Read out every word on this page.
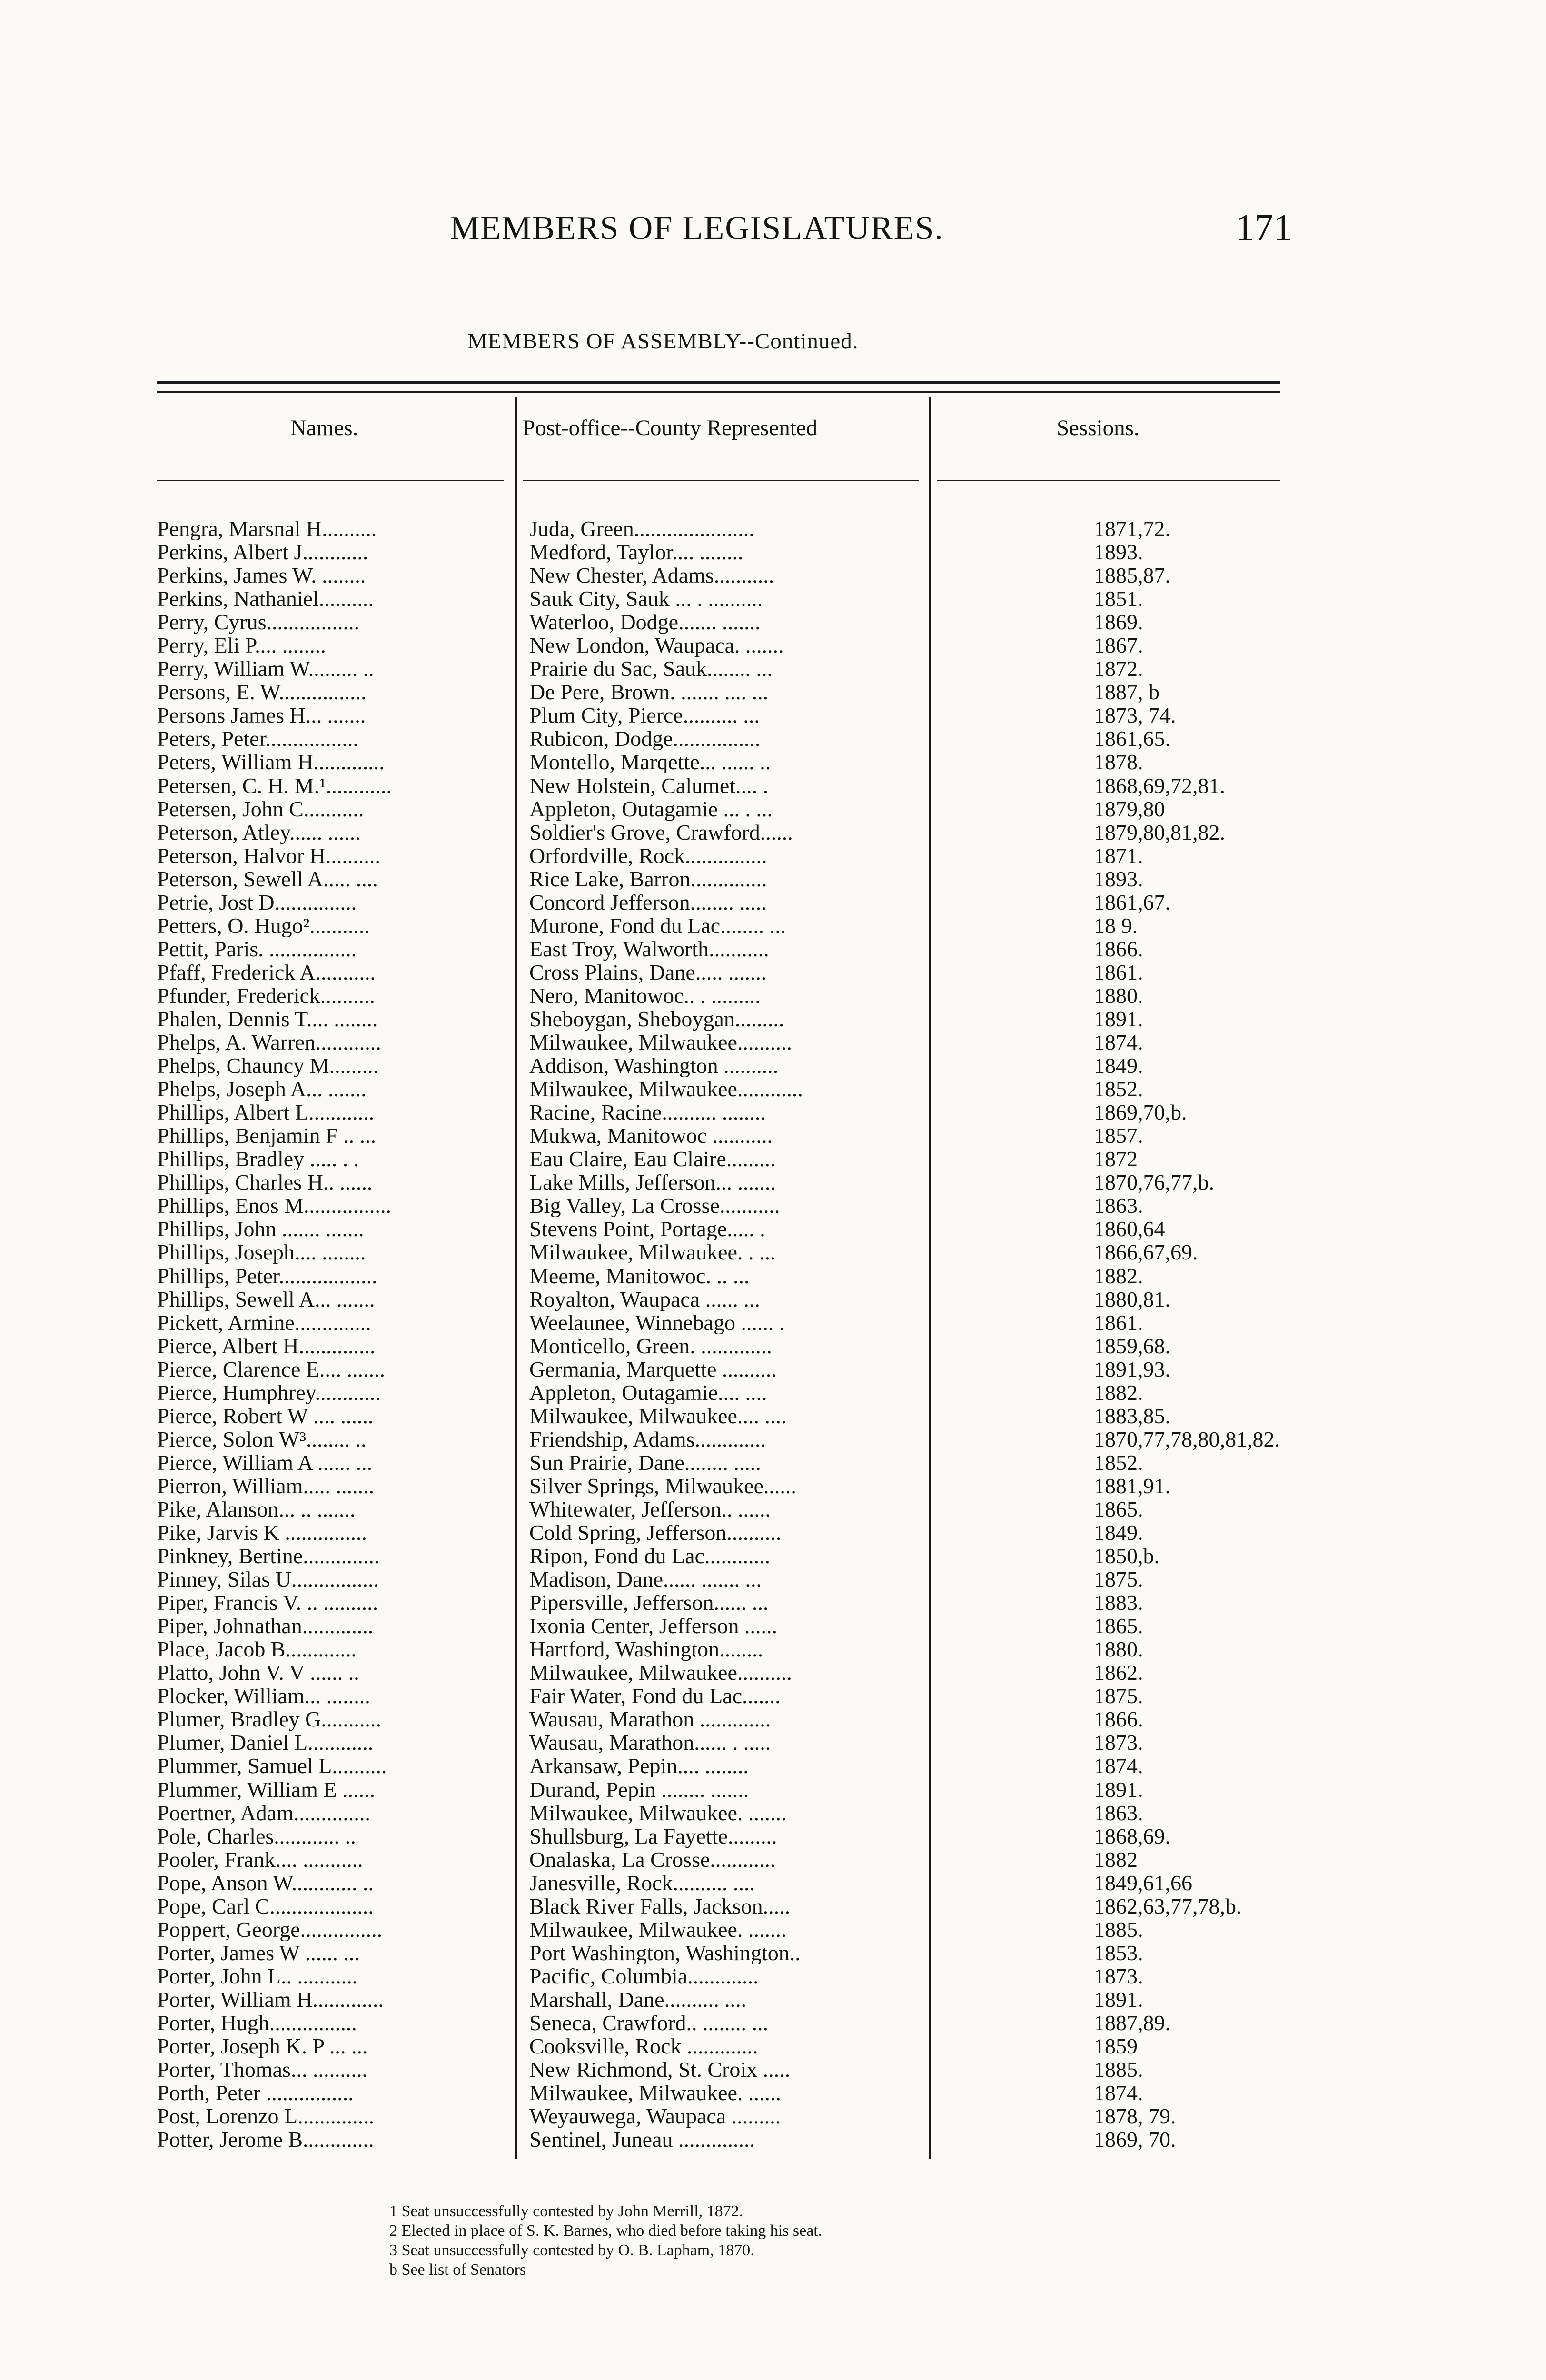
MEMBERS OF LEGISLATURES.	171
MEMBERS OF ASSEMBLY--Continued.
Names.	Post-office--County Represented	Sessions.
Pengra, Marsnal H..........	Juda, Green......................	1871,72.
Perkins, Albert J............	Medford, Taylor.... ........	1893.
Perkins, James W. ........	New Chester, Adams...........	1885,87.
Perkins, Nathaniel..........	Sauk City, Sauk ... . ..........	1851.
Perry, Cyrus.................	Waterloo, Dodge....... .......	1869.
Perry, Eli P.... ........	New London, Waupaca. .......	1867.
Perry, William W......... ..	Prairie du Sac, Sauk........ ...	1872.
Persons, E. W................	De Pere, Brown. ....... .... ...	1887, b
Persons James H... .......	Plum City, Pierce.......... ...	1873, 74.
Peters, Peter.................	Rubicon, Dodge................	1861,65.
Peters, William H.............	Montello, Marqette... ...... ..	1878.
Petersen, C. H. M.¹............	New Holstein, Calumet.... .	1868,69,72,81.
Petersen, John C...........	Appleton, Outagamie ... . ...	1879,80
Peterson, Atley...... ......	Soldier's Grove, Crawford......	1879,80,81,82.
Peterson, Halvor H..........	Orfordville, Rock...............	1871.
Peterson, Sewell A..... ....	Rice Lake, Barron..............	1893.
Petrie, Jost D...............	Concord Jefferson........ .....	1861,67.
Petters, O. Hugo²...........	Murone, Fond du Lac........ ...	18 9.
Pettit, Paris. ................	East Troy, Walworth...........	1866.
Pfaff, Frederick A...........	Cross Plains, Dane..... .......	1861.
Pfunder, Frederick..........	Nero, Manitowoc.. . .........	1880.
Phalen, Dennis T.... ........	Sheboygan, Sheboygan.........	1891.
Phelps, A. Warren............	Milwaukee, Milwaukee..........	1874.
Phelps, Chauncy M.........	Addison, Washington ..........	1849.
Phelps, Joseph A... .......	Milwaukee, Milwaukee............	1852.
Phillips, Albert L............	Racine, Racine.......... ........	1869,70,b.
Phillips, Benjamin F .. ...	Mukwa, Manitowoc ...........	1857.
Phillips, Bradley ..... . .	Eau Claire, Eau Claire.........	1872
Phillips, Charles H.. ......	Lake Mills, Jefferson... .......	1870,76,77,b.
Phillips, Enos M................	Big Valley, La Crosse...........	1863.
Phillips, John ....... .......	Stevens Point, Portage..... .	1860,64
Phillips, Joseph.... ........	Milwaukee, Milwaukee. . ...	1866,67,69.
Phillips, Peter..................	Meeme, Manitowoc. .. ...	1882.
Phillips, Sewell A... .......	Royalton, Waupaca ...... ...	1880,81.
Pickett, Armine..............	Weelaunee, Winnebago ...... .	1861.
Pierce, Albert H..............	Monticello, Green. .............	1859,68.
Pierce, Clarence E.... .......	Germania, Marquette ..........	1891,93.
Pierce, Humphrey............	Appleton, Outagamie.... ....	1882.
Pierce, Robert W .... ......	Milwaukee, Milwaukee.... ....	1883,85.
Pierce, Solon W³........ ..	Friendship, Adams.............	1870,77,78,80,81,82.
Pierce, William A ...... ...	Sun Prairie, Dane........ .....	1852.
Pierron, William..... .......	Silver Springs, Milwaukee......	1881,91.
Pike, Alanson... .. .......	Whitewater, Jefferson.. ......	1865.
Pike, Jarvis K ...............	Cold Spring, Jefferson..........	1849.
Pinkney, Bertine..............	Ripon, Fond du Lac............	1850,b.
Pinney, Silas U................	Madison, Dane...... ....... ...	1875.
Piper, Francis V. .. ..........	Pipersville, Jefferson...... ...	1883.
Piper, Johnathan.............	Ixonia Center, Jefferson ......	1865.
Place, Jacob B.............	Hartford, Washington........	1880.
Platto, John V. V ...... ..	Milwaukee, Milwaukee..........	1862.
Plocker, William... ........	Fair Water, Fond du Lac.......	1875.
Plumer, Bradley G...........	Wausau, Marathon .............	1866.
Plumer, Daniel L............	Wausau, Marathon...... . .....	1873.
Plummer, Samuel L..........	Arkansaw, Pepin.... ........	1874.
Plummer, William E ......	Durand, Pepin ........ .......	1891.
Poertner, Adam..............	Milwaukee, Milwaukee. .......	1863.
Pole, Charles............ ..	Shullsburg, La Fayette.........	1868,69.
Pooler, Frank.... ...........	Onalaska, La Crosse............	1882
Pope, Anson W............ ..	Janesville, Rock.......... ....	1849,61,66
Pope, Carl C...................	Black River Falls, Jackson.....	1862,63,77,78,b.
Poppert, George...............	Milwaukee, Milwaukee. .......	1885.
Porter, James W ...... ...	Port Washington, Washington..	1853.
Porter, John L.. ...........	Pacific, Columbia.............	1873.
Porter, William H.............	Marshall, Dane.......... ....	1891.
Porter, Hugh................	Seneca, Crawford.. ........ ...	1887,89.
Porter, Joseph K. P ... ...	Cooksville, Rock .............	1859
Porter, Thomas... ..........	New Richmond, St. Croix .....	1885.
Porth, Peter ................	Milwaukee, Milwaukee. ......	1874.
Post, Lorenzo L..............	Weyauwega, Waupaca .........	1878, 79.
Potter, Jerome B.............	Sentinel, Juneau ..............	1869, 70.
1 Seat unsuccessfully contested by John Merrill, 1872.
2 Elected in place of S. K. Barnes, who died before taking his seat.
3 Seat unsuccessfully contested by O. B. Lapham, 1870.
b See list of Senators
